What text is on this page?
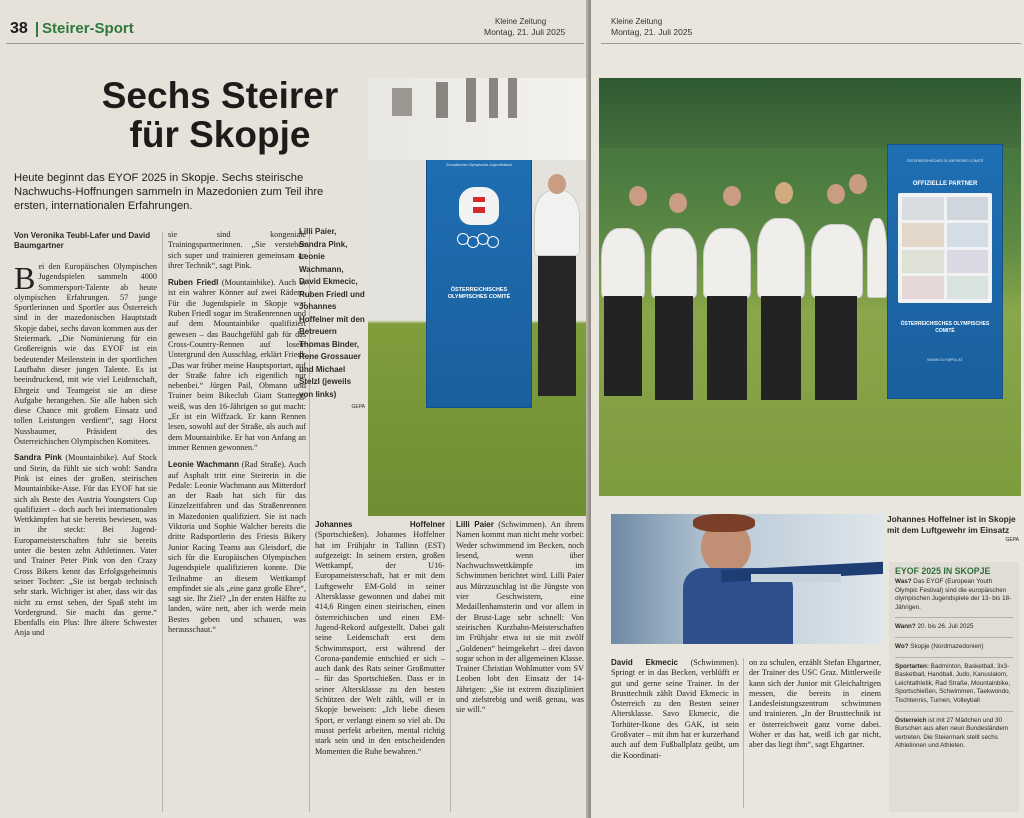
38 Steirer-Sport	Kleine Zeitung
Montag, 21. Juli 2025
Sechs Steirer
für Skopje

Heute beginnt das EYOF 2025 in Skopje. Sechs steirische Nachwuchs-Hoffnungen sammeln in Mazedonien zum Teil ihre ersten, internationalen Erfahrungen.

Von Veronika Teubl-Lafer und David Baumgartner

Bei den Europäischen Olympischen Jugendspielen sammeln 4000 Sommersport-Talente ab heute olympischen Erfahrungen. 57 junge Sportlerinnen und Sportler aus Österreich sind in der mazedonischen Hauptstadt Skopje dabei, sechs davon kommen aus der Steiermark. „Die Nominierung für ein Großereignis wie das EYOF ist ein bedeutender Meilenstein in der sportlichen Laufbahn dieser jungen Talente. Es ist beeindruckend, mit wie viel Leidenschaft, Ehrgeiz und Teamgeist sie an diese Aufgabe herangehen. Sie alle haben sich diese Chance mit großem Einsatz und tollen Leistungen verdient“, sagt Horst Nussbaumer, Präsident des Österreichischen Olympischen Komitees.

Sandra Pink (Mountainbike). Auf Stock und Stein, da fühlt sie sich wohl: Sandra Pink ist eines der großen, steirischen Mountainbike-Asse. Für das EYOF hat sie sich als Beste des Austria Youngsters Cup qualifiziert – doch auch bei internationalen Wettkämpfen hat sie bereits bewiesen, was in ihr steckt: Bei Jugend-Europameisterschaften fuhr sie bereits unter die besten zehn Athletinnen. Vater und Trainer Peter Pink von den Crazy Cross Bikers kennt das Erfolgsgeheimnis seiner Tochter: „Sie ist bergab technisch sehr stark. Wichtiger ist aber, dass wir das nicht zu ernst sehen, der Spaß steht im Vordergrund. Sie macht das gerne.“ Ebenfalls ein Plus: Ihre ältere Schwester Anja und

sie sind kongeniale Trainingspartnerinnen. „Sie verstehen sich super und trainieren gemeinsam an ihrer Technik“, sagt Pink.

Ruben Friedl (Mountainbike). Auch er ist ein wahrer Könner auf zwei Rädern. Für die Jugendspiele in Skopje war Ruben Friedl sogar im Straßenrennen und auf dem Mountainbike qualifiziert gewesen – das Bauchgefühl gab für das Cross-Country-Rennen auf losem Untergrund den Ausschlag, erklärt Friedl: „Das war früher meine Hauptsportart, auf der Straße fahre ich eigentlich nur nebenbei.“ Jürgen Pail, Obmann und Trainer beim Bikeclub Giant Stattegg, weiß, was den 16-Jährigen so gut macht: „Er ist ein Wiffzack. Er kann Rennen lesen, sowohl auf der Straße, als auch auf dem Mountainbike. Er hat von Anfang an immer Rennen gewonnen.“

Leonie Wachmann (Rad Straße). Auch auf Asphalt tritt eine Steirerin in die Pedale: Leonie Wachmann aus Mitterdorf an der Raab hat sich für das Einzelzeitfahren und das Straßenrennen in Mazedonien qualifiziert. Sie ist nach Viktoria und Sophie Walcher bereits die dritte Radsportlerin des Friesis Bikery Junior Racing Teams aus Gleisdorf, die sich für die Europäischen Olympischen Jugendspiele qualifizieren konnte. Die Teilnahme an diesem Wettkampf empfindet sie als „eine ganz große Ehre“, sagt sie. Ihr Ziel? „In der ersten Hälfte zu landen, wäre nett, aber ich werde mein Bestes geben und schauen, was herausschaut.“

Lilli Paier, Sandra Pink, Leonie Wachmann, David Ekmecic, Ruben Friedl und Johannes Hoffelner mit den Betreuern Thomas Binder, Rene Grossauer und Michael Stelzl (jeweils von links)
GEPA
Europäisches Olympisches Jugendfestival
ÖSTERREICHISCHES OLYMPISCHES COMITÉ

Johannes Hoffelner (Sportschießen). Johannes Hoffelner hat im Frühjahr in Tallinn (EST) aufgezeigt: In seinem ersten, großen Wettkampf, der U16-Europameisterschaft, hat er mit dem Luftgewehr EM-Gold in seiner Altersklasse gewonnen und dabei mit 414,6 Ringen einen steirischen, einen österreichischen und einen EM-Jugend-Rekord aufgestellt. Dabei galt seine Leidenschaft erst dem Schwimmsport, erst während der Corona-pandemie entschied er sich – auch dank des Rats seiner Großmutter – für das Sportschießen. Dass er in seiner Altersklasse zu den besten Schützen der Welt zählt, will er in Skopje beweisen: „Ich liebe diesen Sport, er verlangt einem so viel ab. Du musst perfekt arbeiten, mental richtig stark sein und in den entscheidenden Momenten die Ruhe bewahren.“

Lilli Paier (Schwimmen). An ihrem Namen kommt man nicht mehr vorbei: Weder schwimmend im Becken, noch lesend, wenn über Nachwuchswettkämpfe im Schwimmen berichtet wird. Lilli Paier aus Mürzzuschlag ist die Jüngste von vier Geschwistern, eine Medaillenhamsterin und vor allem in der Brust-Lage sehr schnell: Von steirischen Kurzbahn-Meisterschaften im Frühjahr etwa ist sie mit zwölf „Goldenen“ heimgekehrt – drei davon sogar schon in der allgemeinen Klasse. Trainer Christian Wohlmutter vom SV Leoben lobt den Einsatz der 14-Jährigen: „Sie ist extrem diszipliniert und zielstrebig und weiß genau, was sie will.“

Kleine Zeitung
Montag, 21. Juli 2025
ÖSTERREICHISCHES OLYMPISCHES COMITÉ
OFFIZIELLE PARTNER
ÖSTERREICHISCHES OLYMPISCHES COMITÉ
WWW.OLYMPIA.AT
Johannes Hoffelner ist in Skopje mit dem Luftgewehr im Einsatz
GEPA

David Ekmecic (Schwimmen). Springt er in das Becken, verblüfft er gut und gerne seine Trainer. In der Brusttechnik zählt David Ekmecic in Österreich zu den Besten seiner Altersklasse. Savo Ekmecic, die Torhüter-Ikone des GAK, ist sein Großvater – mit ihm hat er kurzerhand auch auf dem Fußballplatz geübt, um die Koordinati-

on zu schulen, erzählt Stefan Ehgartner, der Trainer des USC Graz. Mittlerweile kann sich der Junior mit Gleichaltrigen messen, die bereits in einem Landesleistungszentrum schwimmen und trainieren. „In der Brusttechnik ist er österreichweit ganz vorne dabei. Woher er das hat, weiß ich gar nicht, aber das liegt ihm“, sagt Ehgartner.
EYOF 2025 IN SKOPJE

Was? Das EYOF (European Youth Olympic Festival) sind die europäischen olympischen Jugendspiele der 13- bis 18-Jährigen.

Wann? 20. bis 26. Juli 2025

Wo? Skopje (Nordmazedonien)

Sportarten: Badminton, Basketball, 3x3-Basketball, Handball, Judo, Kanuslalom, Leichtathletik, Rad Straße, Mountainbike, Sportschießen, Schwimmen, Taekwondo, Tischtennis, Turnen, Volleyball

Österreich ist mit 27 Mädchen und 30 Burschen aus allen neun Bundesländern vertreten. Die Steiermark stellt sechs Athletinnen und Athleten.
